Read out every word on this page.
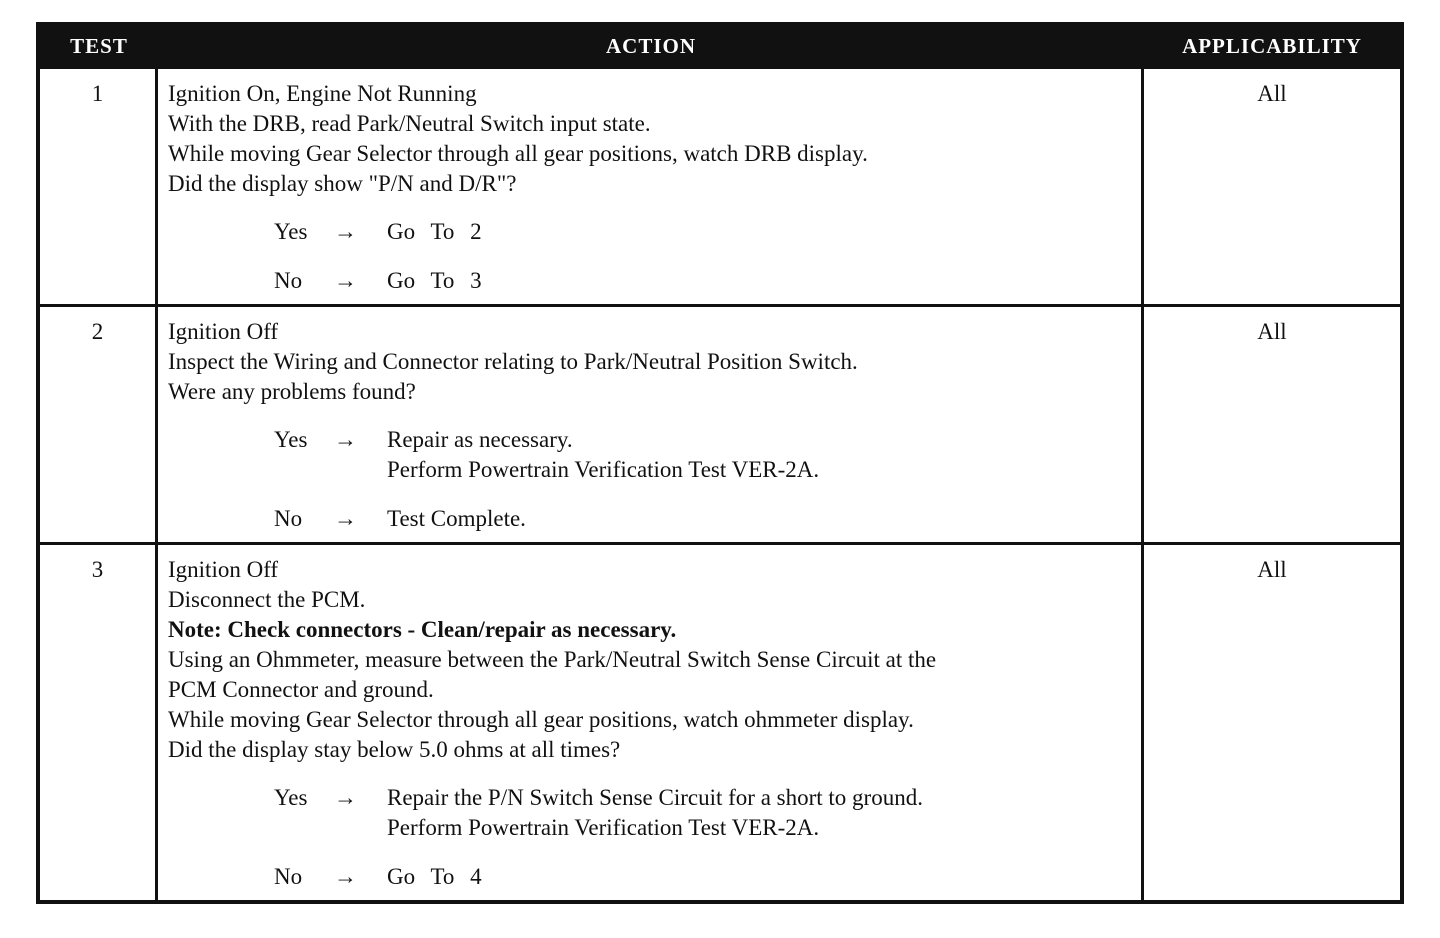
TEST	ACTION	APPLICABILITY
1	Ignition On, Engine Not Running
With the DRB, read Park/Neutral Switch input state.
While moving Gear Selector through all gear positions, watch DRB display.
Did the display show "P/N and D/R"?
Yes	→	Go To 2
No	→	Go To 3
All
2	Ignition Off
Inspect the Wiring and Connector relating to Park/Neutral Position Switch.
Were any problems found?
Yes	→	Repair as necessary.
Perform Powertrain Verification Test VER-2A.
No	→	Test Complete.
All
3	Ignition Off
Disconnect the PCM.
Note: Check connectors - Clean/repair as necessary.
Using an Ohmmeter, measure between the Park/Neutral Switch Sense Circuit at the
PCM Connector and ground.
While moving Gear Selector through all gear positions, watch ohmmeter display.
Did the display stay below 5.0 ohms at all times?
Yes	→	Repair the P/N Switch Sense Circuit for a short to ground.
Perform Powertrain Verification Test VER-2A.
No	→	Go To 4
All
